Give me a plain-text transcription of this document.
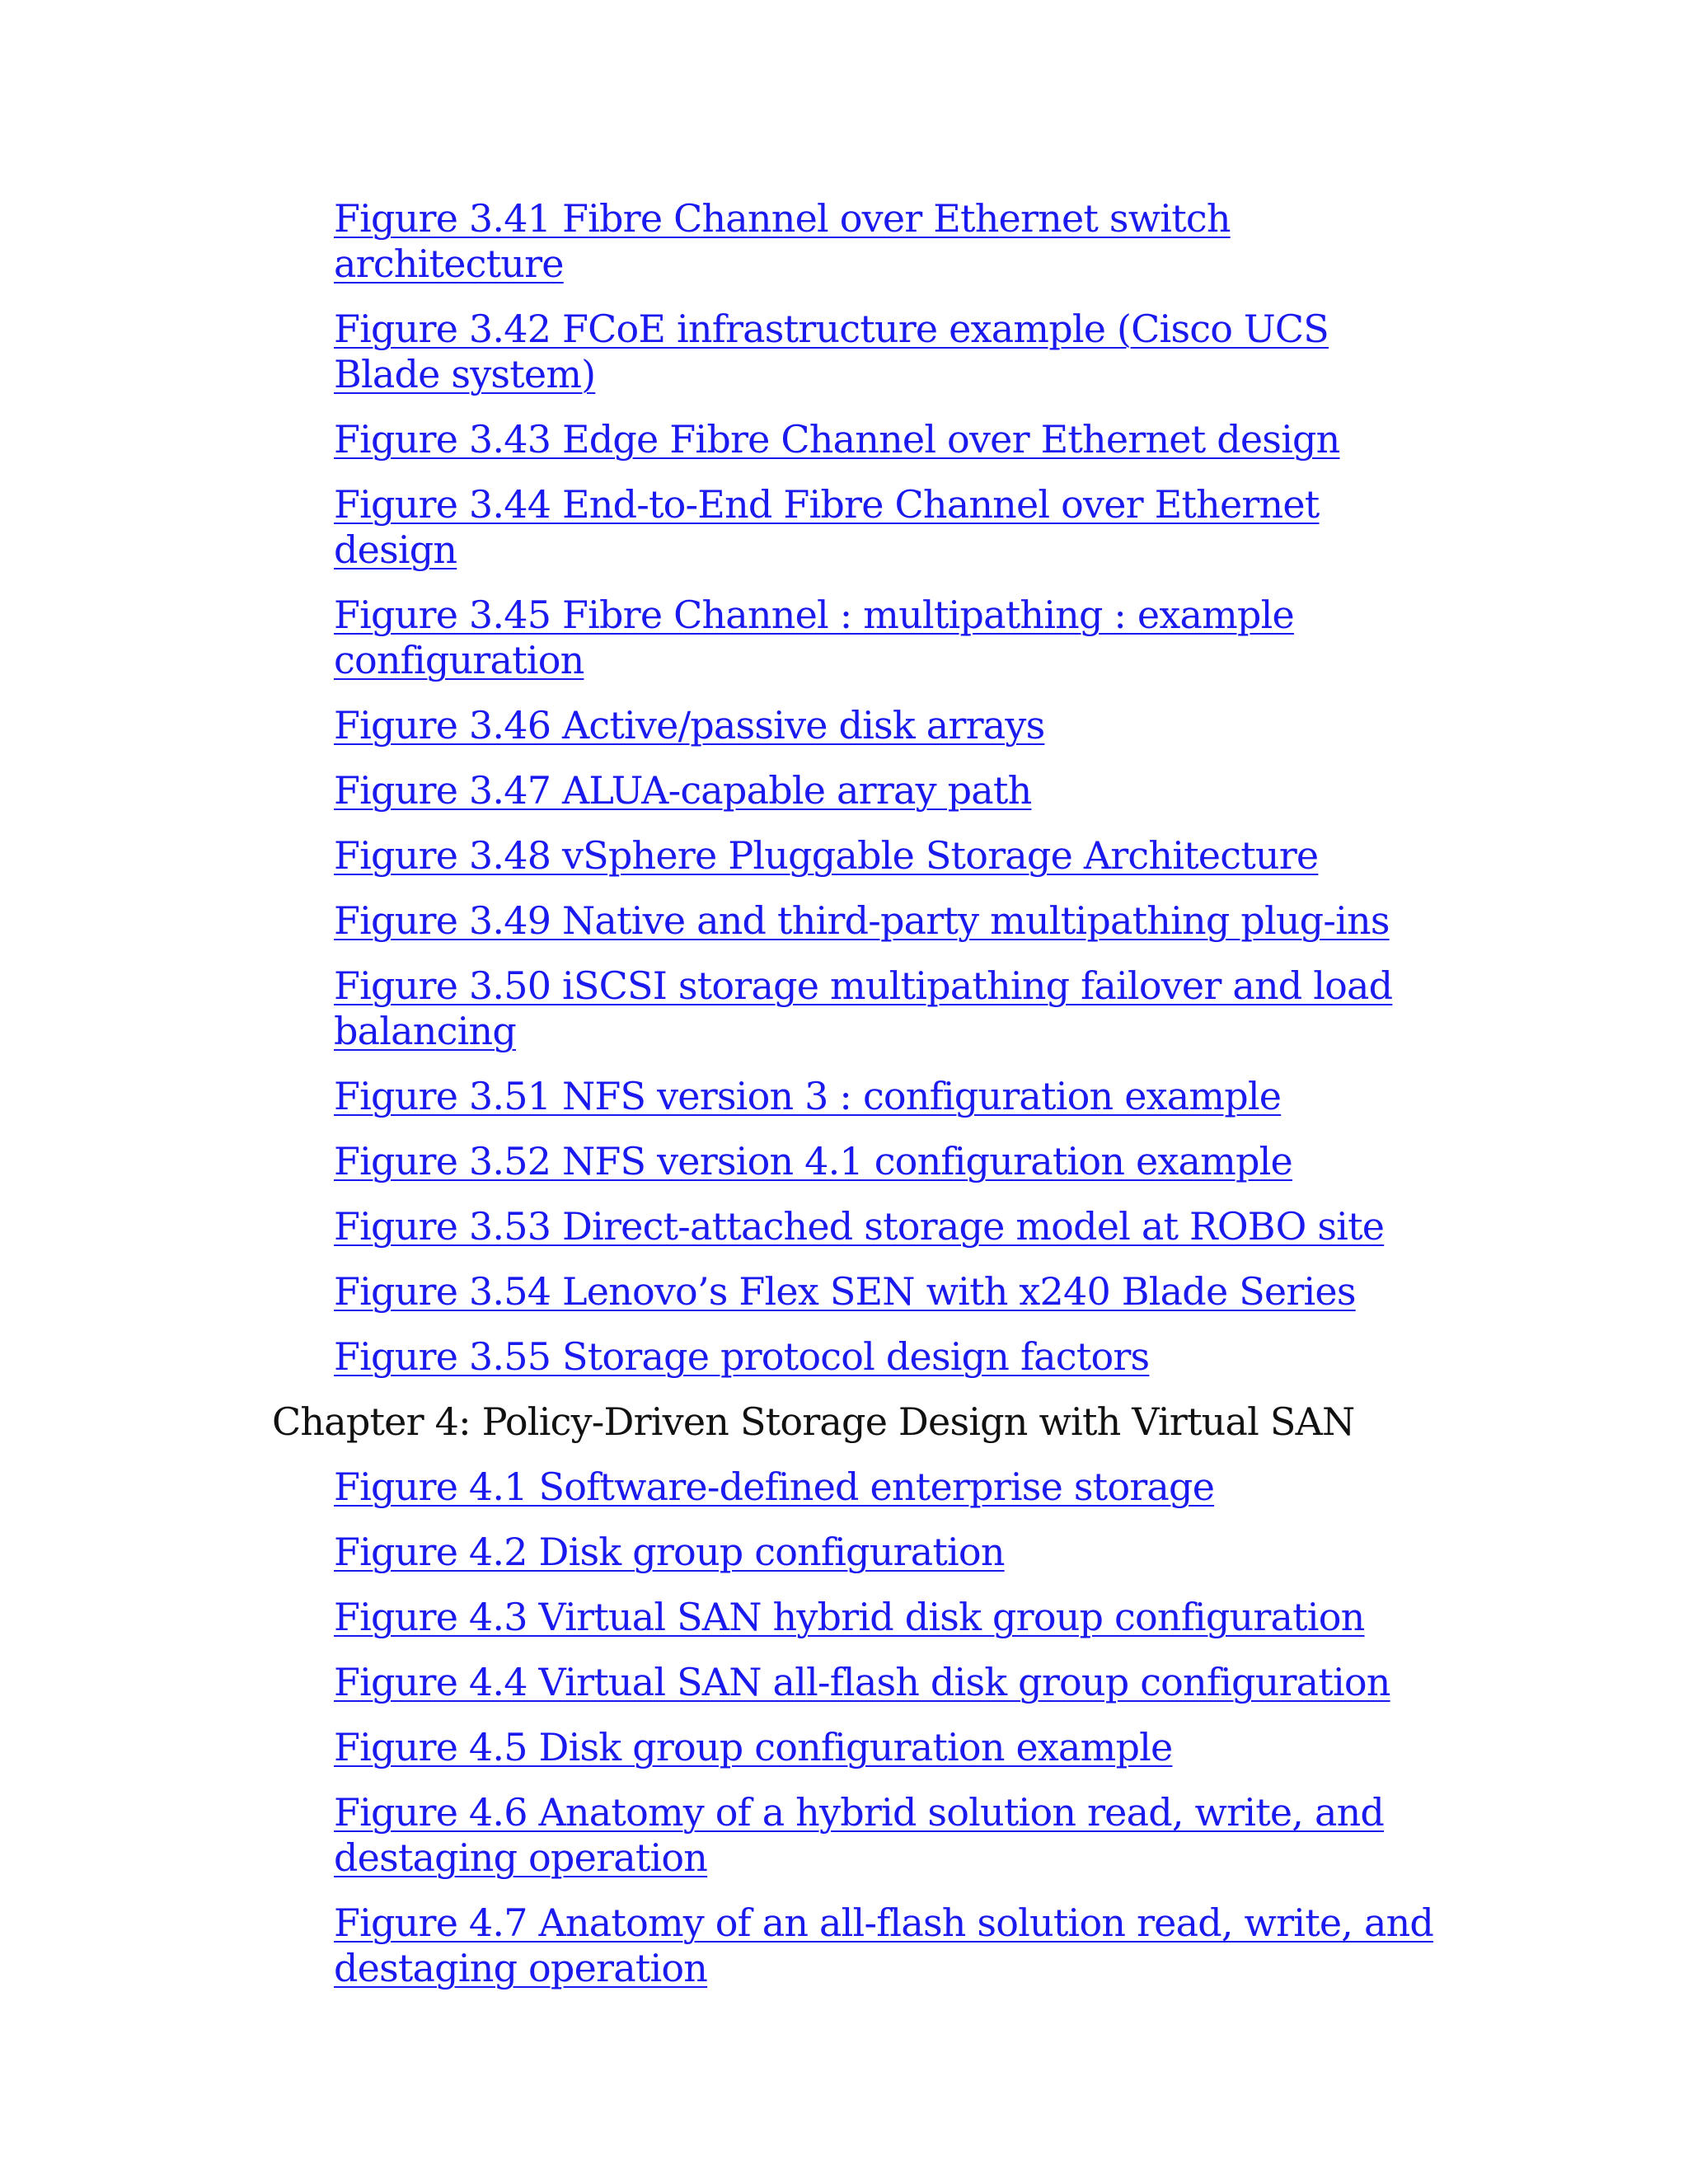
Figure 3.41 Fibre Channel over Ethernet switch architecture
Figure 3.42 FCoE infrastructure example (Cisco UCS Blade system)
Figure 3.43 Edge Fibre Channel over Ethernet design
Figure 3.44 End-to-End Fibre Channel over Ethernet design
Figure 3.45 Fibre Channel : multipathing : example configuration
Figure 3.46 Active/passive disk arrays
Figure 3.47 ALUA-capable array path
Figure 3.48 vSphere Pluggable Storage Architecture
Figure 3.49 Native and third-party multipathing plug-ins
Figure 3.50 iSCSI storage multipathing failover and load balancing
Figure 3.51 NFS version 3 : configuration example
Figure 3.52 NFS version 4.1 configuration example
Figure 3.53 Direct-attached storage model at ROBO site
Figure 3.54 Lenovo’s Flex SEN with x240 Blade Series
Figure 3.55 Storage protocol design factors
Chapter 4: Policy-Driven Storage Design with Virtual SAN
Figure 4.1 Software-defined enterprise storage
Figure 4.2 Disk group configuration
Figure 4.3 Virtual SAN hybrid disk group configuration
Figure 4.4 Virtual SAN all-flash disk group configuration
Figure 4.5 Disk group configuration example
Figure 4.6 Anatomy of a hybrid solution read, write, and destaging operation
Figure 4.7 Anatomy of an all-flash solution read, write, and destaging operation
